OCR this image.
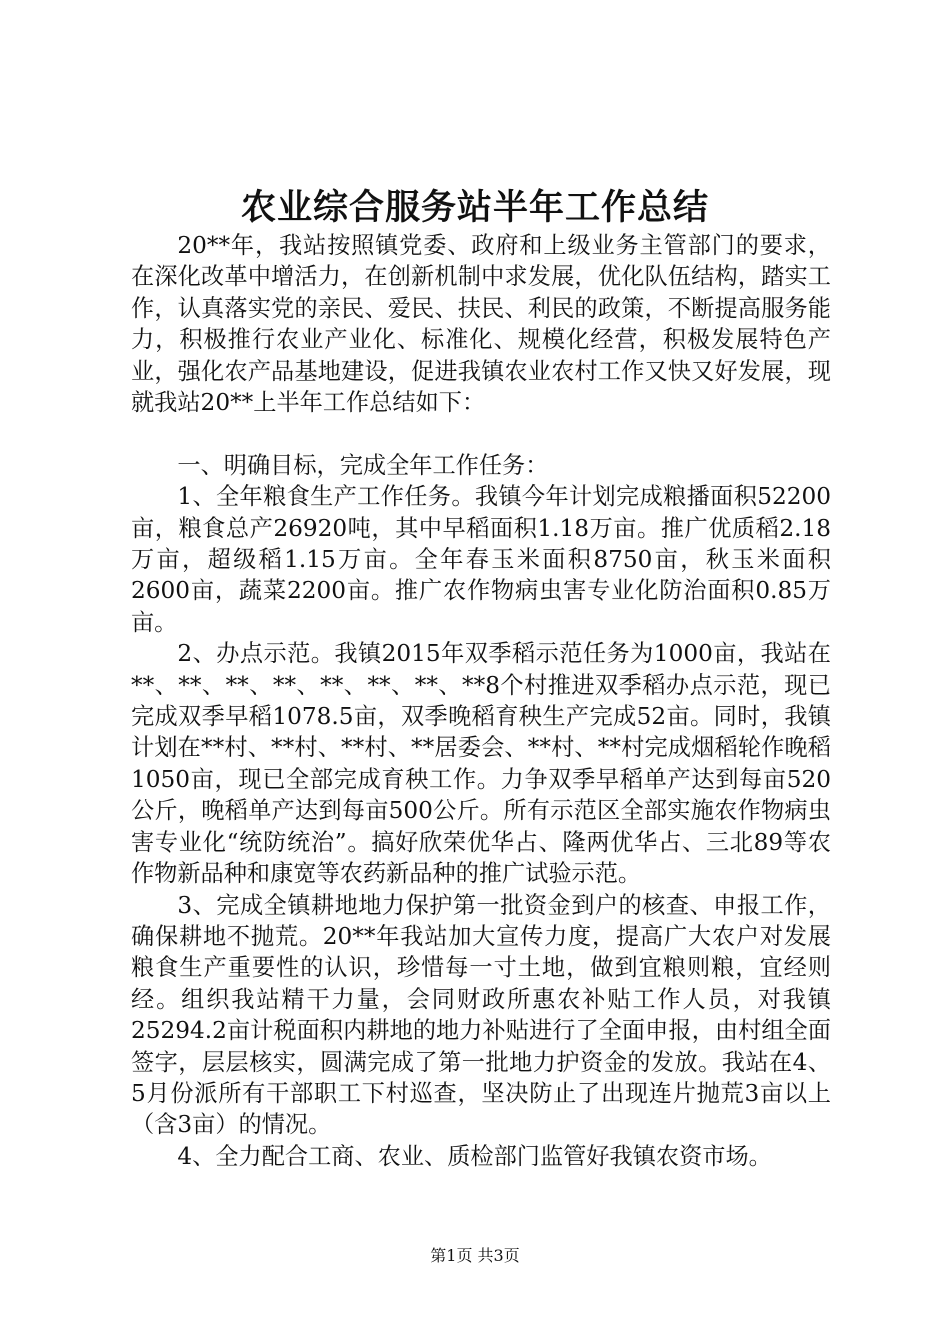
农业综合服务站半年工作总结

20**年，我站按照镇党委、政府和上级业务主管部门的要求，在深化改革中增活力，在创新机制中求发展，优化队伍结构，踏实工作，认真落实党的亲民、爱民、扶民、利民的政策，不断提高服务能力，积极推行农业产业化、标准化、规模化经营，积极发展特色产业，强化农产品基地建设，促进我镇农业农村工作又快又好发展，现就我站20**上半年工作总结如下：

一、明确目标，完成全年工作任务：

1、全年粮食生产工作任务。我镇今年计划完成粮播面积52200亩，粮食总产26920吨，其中早稻面积1.18万亩。推广优质稻2.18万亩，超级稻1.15万亩。全年春玉米面积8750亩，秋玉米面积2600亩，蔬菜2200亩。推广农作物病虫害专业化防治面积0.85万亩。

2、办点示范。我镇2015年双季稻示范任务为1000亩，我站在**、**、**、**、**、**、**、**8个村推进双季稻办点示范，现已完成双季早稻1078.5亩，双季晚稻育秧生产完成52亩。同时，我镇计划在**村、**村、**村、**居委会、**村、**村完成烟稻轮作晚稻1050亩，现已全部完成育秧工作。力争双季早稻单产达到每亩520公斤，晚稻单产达到每亩500公斤。所有示范区全部实施农作物病虫害专业化“统防统治”。搞好欣荣优华占、隆两优华占、三北89等农作物新品种和康宽等农药新品种的推广试验示范。

3、完成全镇耕地地力保护第一批资金到户的核查、申报工作，确保耕地不抛荒。20**年我站加大宣传力度，提高广大农户对发展粮食生产重要性的认识，珍惜每一寸土地，做到宜粮则粮，宜经则经。组织我站精干力量，会同财政所惠农补贴工作人员，对我镇25294.2亩计税面积内耕地的地力补贴进行了全面申报，由村组全面签字，层层核实，圆满完成了第一批地力护资金的发放。我站在4、5月份派所有干部职工下村巡查，坚决防止了出现连片抛荒3亩以上（含3亩）的情况。

4、全力配合工商、农业、质检部门监管好我镇农资市场。

第1页 共3页
